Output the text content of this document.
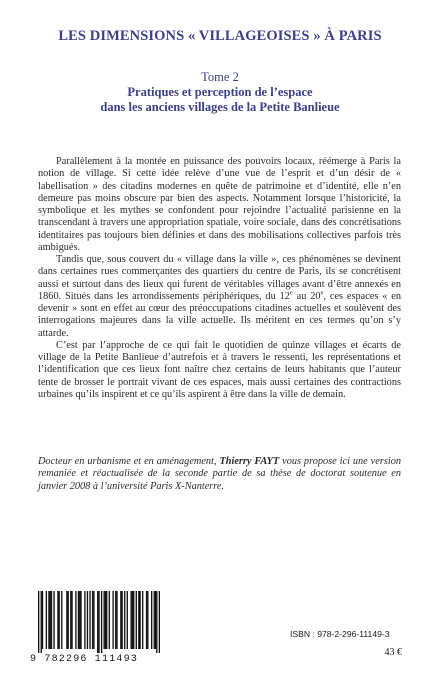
LES DIMENSIONS « VILLAGEOISES » À PARIS
Tome 2
Pratiques et perception de l’espace
dans les anciens villages de la Petite Banlieue

Parallèlement à la montée en puissance des pouvoirs locaux, réémerge à Paris la notion de village. Si cette idée relève d’une vue de l’esprit et d’un désir de « labellisation » des citadins modernes en quête de patrimoine et d’identité, elle n’en demeure pas moins obscure par bien des aspects. Notamment lorsque l’historicité, la symbolique et les mythes se confondent pour rejoindre l’actualité parisienne en la transcendant à travers une appropriation spatiale, voire sociale, dans des concrétisations identitaires pas toujours bien définies et dans des mobilisations collectives parfois très ambigués.

Tandis que, sous couvert du « village dans la ville », ces phénomènes se devinent dans certaines rues commerçantes des quartiers du centre de Paris, ils se concrétisent aussi et surtout dans des lieux qui furent de véritables villages avant d’être annexés en 1860. Situés dans les arrondissements périphériques, du 12e au 20e, ces espaces « en devenir » sont en effet au cœur des préoccupations citadines actuelles et soulèvent des interrogations majeures dans la ville actuelle. Ils méritent en ces termes qu’on s’y attarde.

C’est par l’approche de ce qui fait le quotidien de quinze villages et écarts de village de la Petite Banlieue d’autrefois et à travers le ressenti, les représentations et l’identification que ces lieux font naître chez certains de leurs habitants que l’auteur tente de brosser le portrait vivant de ces espaces, mais aussi certaines des contractions urbaines qu’ils inspirent et ce qu’ils aspirent à être dans la ville de demain.

Docteur en urbanisme et en aménagement, Thierry FAYT vous propose ici une version remaniée et réactualisée de la seconde partie de sa thèse de doctorat soutenue en janvier 2008 à l’université Paris X-Nanterre.
9 782296 111493
ISBN : 978-2-296-11149-3
43 €
